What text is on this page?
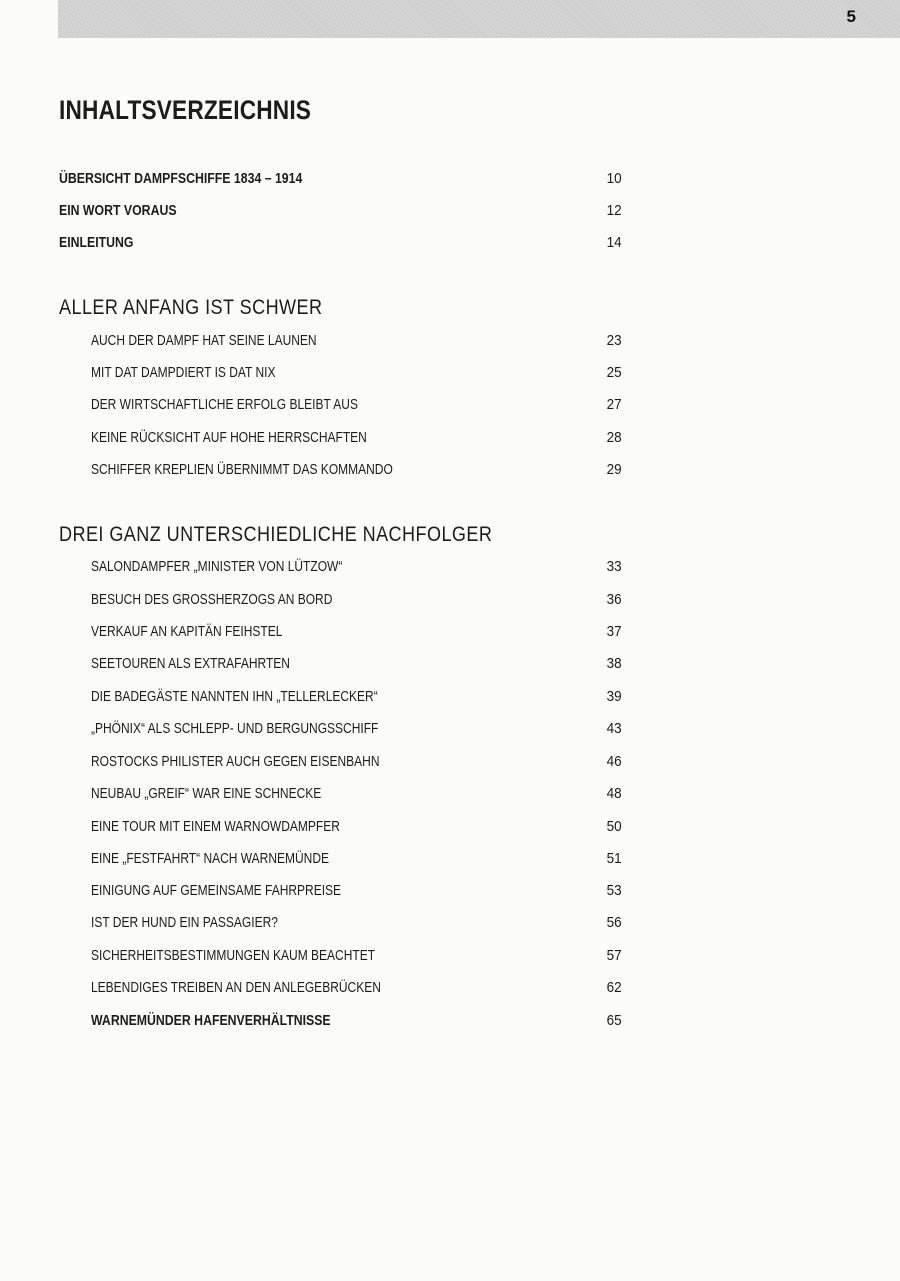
5
INHALTSVERZEICHNIS
ÜBERSICHT DAMPFSCHIFFE 1834 – 1914	10
EIN WORT VORAUS	12
EINLEITUNG	14
ALLER ANFANG IST SCHWER
AUCH DER DAMPF HAT SEINE LAUNEN	23
MIT DAT DAMPDIERT IS DAT NIX	25
DER WIRTSCHAFTLICHE ERFOLG BLEIBT AUS	27
KEINE RÜCKSICHT AUF HOHE HERRSCHAFTEN	28
SCHIFFER KREPLIEN ÜBERNIMMT DAS KOMMANDO	29
DREI GANZ UNTERSCHIEDLICHE NACHFOLGER
SALONDAMPFER „MINISTER VON LÜTZOW“	33
BESUCH DES GROSSHERZOGS AN BORD	36
VERKAUF AN KAPITÄN FEIHSTEL	37
SEETOUREN ALS EXTRAFAHRTEN	38
DIE BADEGÄSTE NANNTEN IHN „TELLERLECKER“	39
„PHÖNIX“ ALS SCHLEPP- UND BERGUNGSSCHIFF	43
ROSTOCKS PHILISTER AUCH GEGEN EISENBAHN	46
NEUBAU „GREIF“ WAR EINE SCHNECKE	48
EINE TOUR MIT EINEM WARNOWDAMPFER	50
EINE „FESTFAHRT“ NACH WARNEMÜNDE	51
EINIGUNG AUF GEMEINSAME FAHRPREISE	53
IST DER HUND EIN PASSAGIER?	56
SICHERHEITSBESTIMMUNGEN KAUM BEACHTET	57
LEBENDIGES TREIBEN AN DEN ANLEGEBRÜCKEN	62
WARNEMÜNDER HAFENVERHÄLTNISSE	65
